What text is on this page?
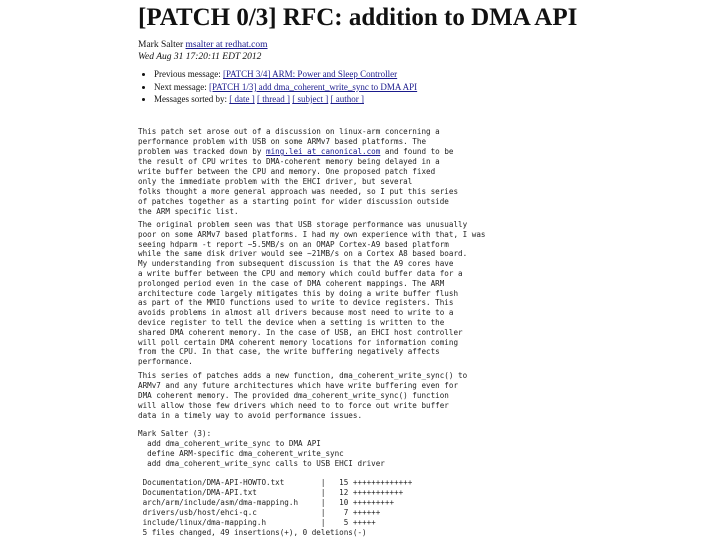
[PATCH 0/3] RFC: addition to DMA API
Mark Salter msalter at redhat.com
Wed Aug 31 17:20:11 EDT 2012
• Previous message: [PATCH 3/4] ARM: Power and Sleep Controller
• Next message: [PATCH 1/3] add dma_coherent_write_sync to DMA API
• Messages sorted by: [ date ] [ thread ] [ subject ] [ author ]
This patch set arose out of a discussion on linux-arm concerning a
performance problem with USB on some ARMv7 based platforms. The
problem was tracked down by ming.lei at canonical.com and found to be
the result of CPU writes to DMA-coherent memory being delayed in a
write buffer between the CPU and memory. One proposed patch fixed
only the immediate problem with the EHCI driver, but several
folks thought a more general approach was needed, so I put this series
of patches together as a starting point for wider discussion outside
the ARM specific list.
The original problem seen was that USB storage performance was unusually
poor on some ARMv7 based platforms. I had my own experience with that, I was
seeing hdparm -t report ~5.5MB/s on an OMAP Cortex-A9 based platform
while the same disk driver would see ~21MB/s on a Cortex A8 based board.
My understanding from subsequent discussion is that the A9 cores have
a write buffer between the CPU and memory which could buffer data for a
prolonged period even in the case of DMA coherent mappings. The ARM
architecture code largely mitigates this by doing a write buffer flush
as part of the MMIO functions used to write to device registers. This
avoids problems in almost all drivers because most need to write to a
device register to tell the device when a setting is written to the
shared DMA coherent memory. In the case of USB, an EHCI host controller
will poll certain DMA coherent memory locations for information coming
from the CPU. In that case, the write buffering negatively affects
performance.
This series of patches adds a new function, dma_coherent_write_sync() to
ARMv7 and any future architectures which have write buffering even for
DMA coherent memory. The provided dma_coherent_write_sync() function
will allow those few drivers which need to to force out write buffer
data in a timely way to avoid performance issues.
Mark Salter (3):
add dma_coherent_write_sync to DMA API
define ARM-specific dma_coherent_write_sync
add dma_coherent_write_sync calls to USB EHCI driver
Documentation/DMA-API-HOWTO.txt        |   15 +++++++++++++
Documentation/DMA-API.txt              |   12 +++++++++++
arch/arm/include/asm/dma-mapping.h     |   10 +++++++++
drivers/usb/host/ehci-q.c              |    7 ++++++
include/linux/dma-mapping.h            |    5 +++++
5 files changed, 49 insertions(+), 0 deletions(-)
